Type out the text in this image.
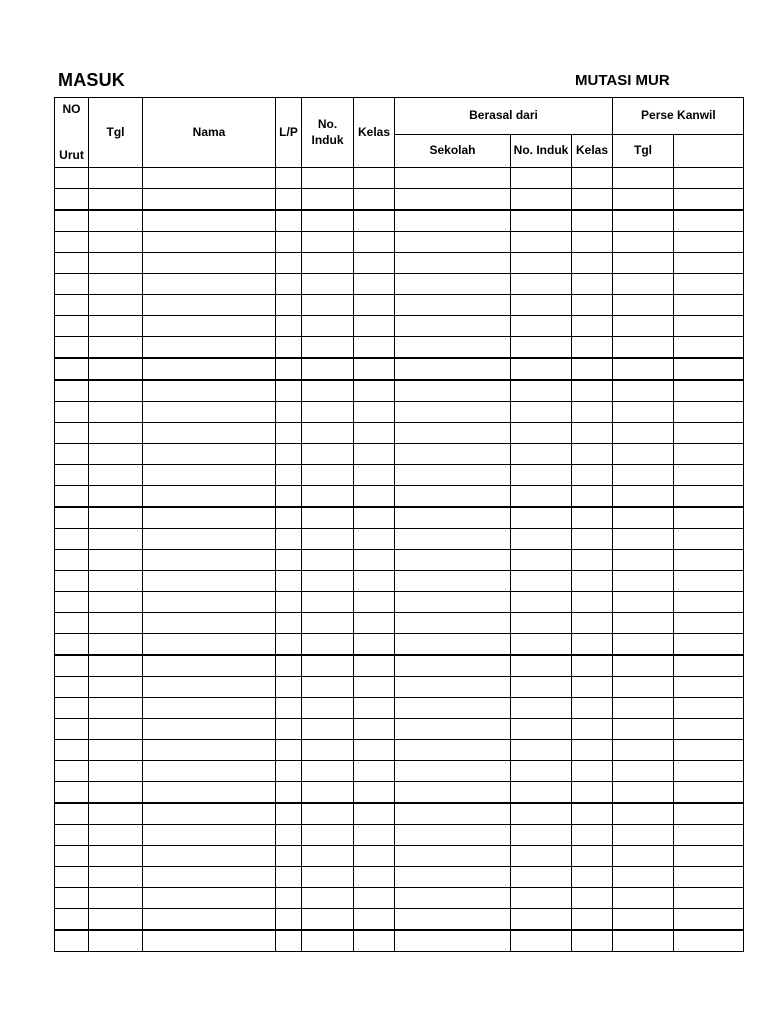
MASUK	MUTASI MUR
NO
Urut	Tgl	Nama	L/P	No. Induk	Kelas	Berasal dari			Perse Kanwil	
						Sekolah	No. Induk	Kelas	Tgl	
